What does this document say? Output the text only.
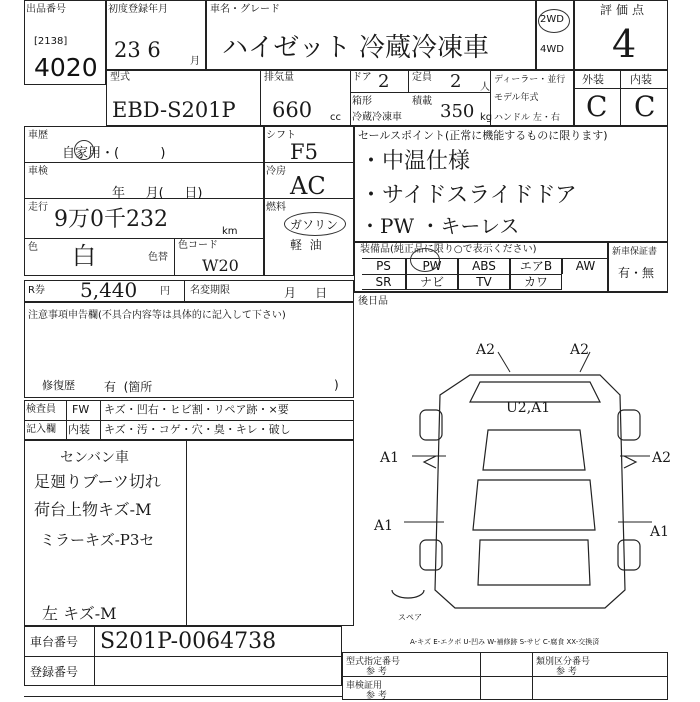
出品番号
[2138]
4020
初度登録年月
23 6	月
車名・グレード
ハイゼット 冷蔵冷凍車
2WD
4WD
評価点
4
型式
EBD-S201P
排気量
660 cc
ドア 2 定員 2 人
箱形
冷蔵冷凍車
積載 350 kg
ディーラー・並行
モデル年式
ハンドル 左・右
外装 内装
C C
車歴
自家用・(          )
車検
年     月(     日)
走行 9万0千232	km
色 白	色替
色コード
W20
シフト
F5
冷房
AC
燃料
ガソリン
軽  油
セールスポイント(正常に機能するものに限ります)
・中温仕様
・サイドスライドドア
・PW ・キーレス
装備品(純正品に限り○で表示ください)
PS	PW	ABS	エアB	AW
SR	ナビ	TV	カワ
新車保証書
有・無
R券 5,440 円 名変期限	月     日
後日品
注意事項申告欄(不具合内容等は具体的に記入して下さい)
修復歴 有  (箇所	)
検査員
記入欄
FW キズ・凹右・ヒビ割・リペア跡・×要
内装 キズ・汚・コゲ・穴・臭・キレ・破し
センバン車
足廻りブーツ切れ
荷台上物キズ-M
ミラーキズ-P3セ
左 キズ-M
車台番号 S201P-0064738
登録番号
型式指定番号
参 考
類別区分番号
参 考
車検証用
参 考
A2	A2
U2,A1
A1	A2
A1	A1
スペア
A-キズ E-エクボ U-凹み W-補修跡 S-サビ C-腐食 XX-交換済
